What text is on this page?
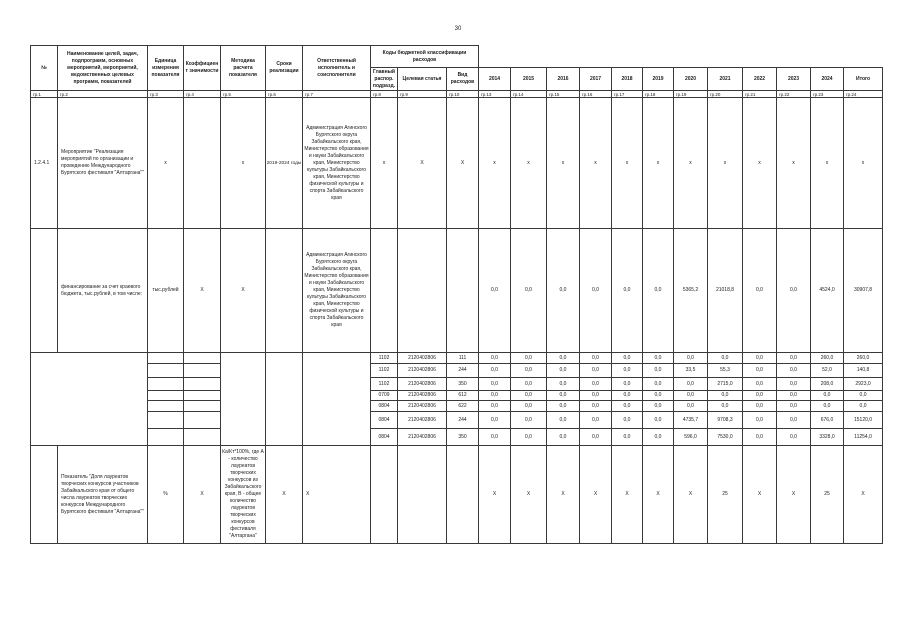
30
№	Наименование целей, задач, подпрограмм, основных мероприятий, мероприятий, ведомственных целевых программ, показателей	Единица измерения показателя	Коэффициент значимости	Методика расчета показателя	Сроки реализации	Ответственный исполнитель и соисполнители	Коды бюджетной классификации расходов														
							Главный распор. подразд.	Целевая статья	Вид расходов	2014	2015	2016	2017	2018	2019	2020	2021	2022	2023	2024	Итого
гр.1	гр.2	гр.3	гр.4	гр.5	гр.6	гр.7	гр.8	гр.9	гр.10	гр.13	гр.14	гр.15	гр.16	гр.17	гр.18	гр.19	гр.20	гр.21	гр.22	гр.23	гр.24
1.2.4.1	Мероприятие "Реализация мероприятий по организации и проведению Международного Бурятского фестиваля "Алтаргана""	х		х	2019-2024 годы	Администрация Агинского Бурятского округа Забайкальского края, Министерство образования и науки Забайкальского края, Министерство культуры Забайкальского края, Министерство физической культуры и спорта Забайкальского края	х	Х	Х	х	х	х	х	х	х	х	х	х	х	х	х
	финансирование за счет краевого бюджета, тыс.рублей, в том числе:	тыс.рублей	Х	Х		Администрация Агинского Бурятского округа Забайкальского края, Министерство образования и науки Забайкальского края, Министерство культуры Забайкальского края, Министерство физической культуры и спорта Забайкальского края				0,0	0,0	0,0	0,0	0,0	0,0	5365,2	21018,8	0,0	0,0	4524,0	30907,8
							1102	2120402806	111	0,0	0,0	0,0	0,0	0,0	0,0	0,0	0,0	0,0	0,0	260,0	260,0
							1102	2120402806	244	0,0	0,0	0,0	0,0	0,0	0,0	33,5	55,3	0,0	0,0	52,0	140,8
							1102	2120402806	350	0,0	0,0	0,0	0,0	0,0	0,0	0,0	2715,0	0,0	0,0	208,0	2923,0
							0709	2120402806	612	0,0	0,0	0,0	0,0	0,0	0,0	0,0	0,0	0,0	0,0	0,0	0,0
							0804	2120402806	622	0,0	0,0	0,0	0,0	0,0	0,0	0,0	0,0	0,0	0,0	0,0	0,0
							0804	2120402806	244	0,0	0,0	0,0	0,0	0,0	0,0	4735,7	9708,3	0,0	0,0	676,0	15120,0
							0804	2120402806	350	0,0	0,0	0,0	0,0	0,0	0,0	596,0	7530,0	0,0	0,0	3328,0	11254,0
	Показатель "Доля лауреатов творческих конкурсов участников Забайкальского края от общего числа лауреатов творческих конкурсов Международного Бурятского фестиваля "Алтаргана""	%	Х	Ка/Кт*100%, где А - количество лауреатов творческих конкурсов из Забайкальского края, В - общее количество лауреатов творческих конкурсов фестиваля "Алтаргана"	Х	Х				Х	Х	Х	Х	Х	Х	Х	25	Х	Х	25	Х
